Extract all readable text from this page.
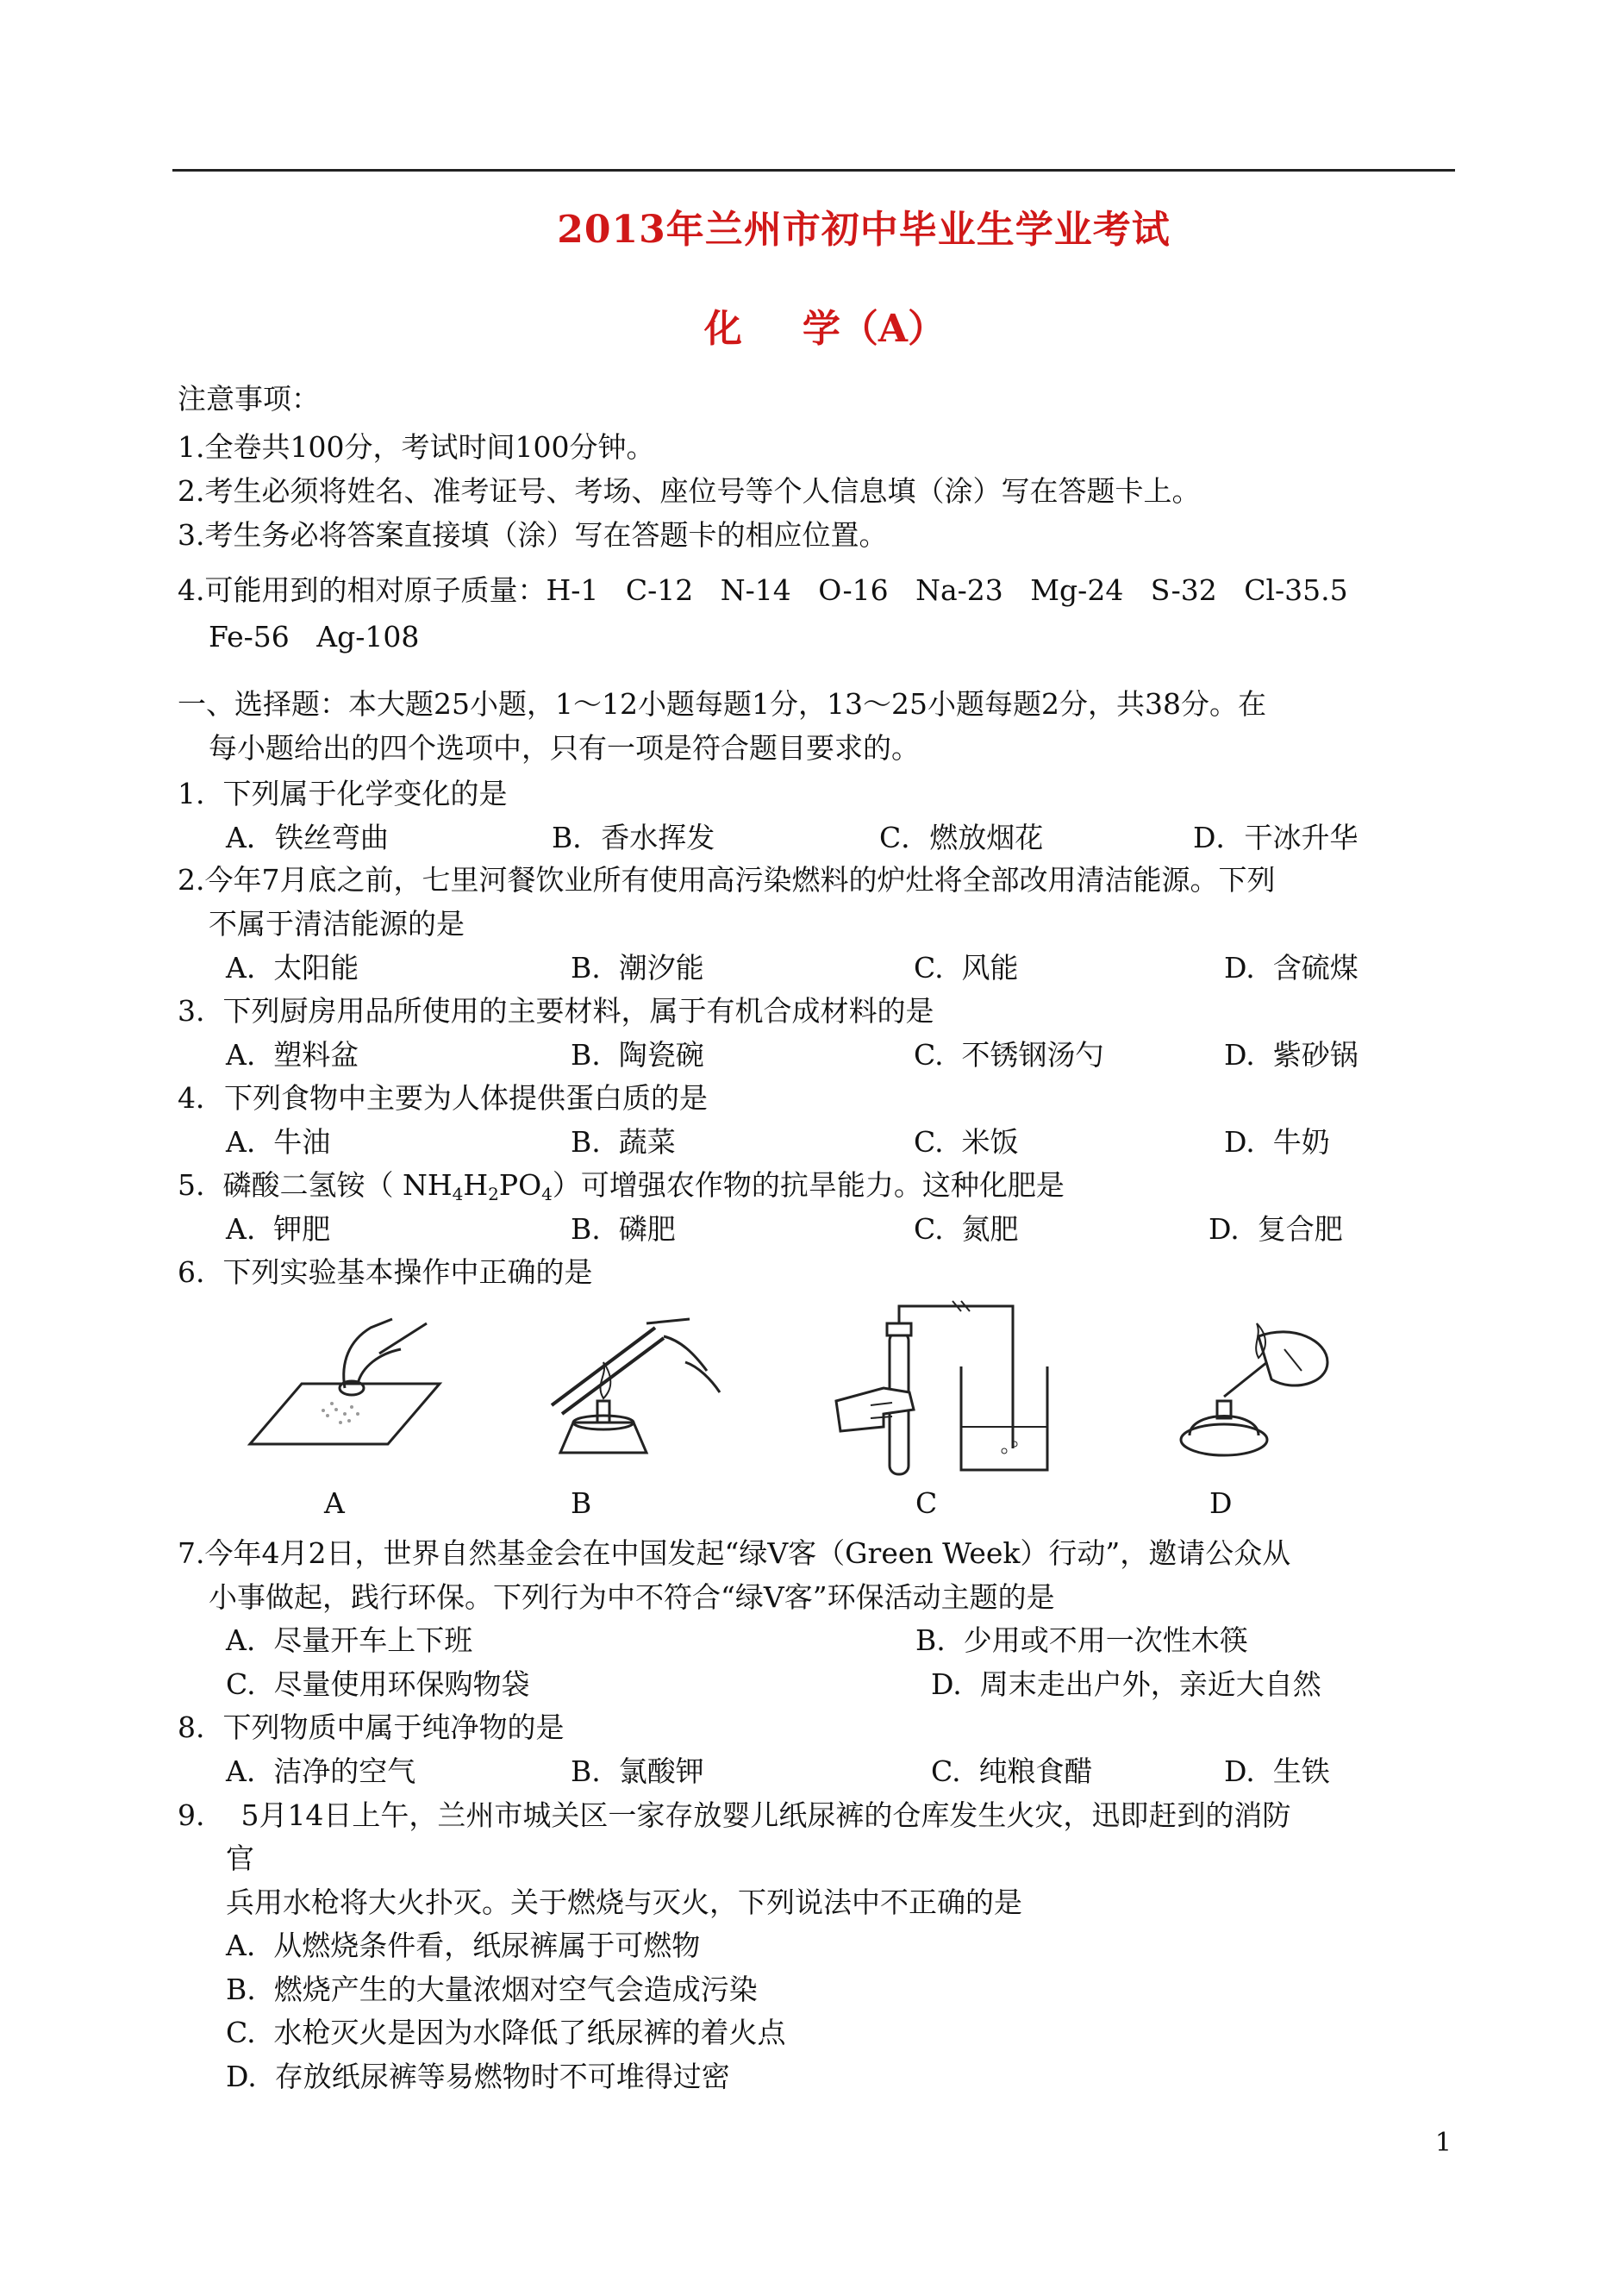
2013年兰州市初中毕业生学业考试
化 学（A）
注意事项：
1.全卷共100分，考试时间100分钟。
2.考生必须将姓名、准考证号、考场、座位号等个人信息填（涂）写在答题卡上。
3.考生务必将答案直接填（涂）写在答题卡的相应位置。
4.可能用到的相对原子质量：H-1   C-12   N-14   O-16   Na-23   Mg-24   S-32   Cl-35.5
Fe-56   Ag-108
一、选择题：本大题25小题，1～12小题每题1分，13～25小题每题2分，共38分。在
每小题给出的四个选项中，只有一项是符合题目要求的。
1.  下列属于化学变化的是
A．铁丝弯曲	B．香水挥发	C．燃放烟花	D．干冰升华
2.今年7月底之前，七里河餐饮业所有使用高污染燃料的炉灶将全部改用清洁能源。下列
不属于清洁能源的是
A.  太阳能	B.  潮汐能	C.  风能	D.  含硫煤
3.  下列厨房用品所使用的主要材料，属于有机合成材料的是
A.  塑料盆	B.  陶瓷碗	C.  不锈钢汤勺	D.  紫砂锅
4．下列食物中主要为人体提供蛋白质的是
A.  牛油	B.  蔬菜	C.  米饭	D.  牛奶
5.  磷酸二氢铵（ $NH_4H_2PO_4$）可增强农作物的抗旱能力。这种化肥是
A.  钾肥	B.  磷肥	C.  氮肥	D.  复合肥
6.  下列实验基本操作中正确的是
A	B	C	D
7.今年4月2日，世界自然基金会在中国发起“绿Ⅴ客（Green Week）行动”，邀请公众从
小事做起，践行环保。下列行为中不符合“绿Ⅴ客”环保活动主题的是
A.  尽量开车上下班	B.  少用或不用一次性木筷
C.  尽量使用环保购物袋	D.  周末走出户外，亲近大自然
8.  下列物质中属于纯净物的是
A.  洁净的空气	B.  氯酸钾	C.  纯粮食醋	D.  生铁
9.    5月14日上午，兰州市城关区一家存放婴儿纸尿裤的仓库发生火灾，迅即赶到的消防
官
兵用水枪将大火扑灭。关于燃烧与灭火，下列说法中不正确的是
A.  从燃烧条件看，纸尿裤属于可燃物
B.  燃烧产生的大量浓烟对空气会造成污染
C.  水枪灭火是因为水降低了纸尿裤的着火点
D.  存放纸尿裤等易燃物时不可堆得过密
1
